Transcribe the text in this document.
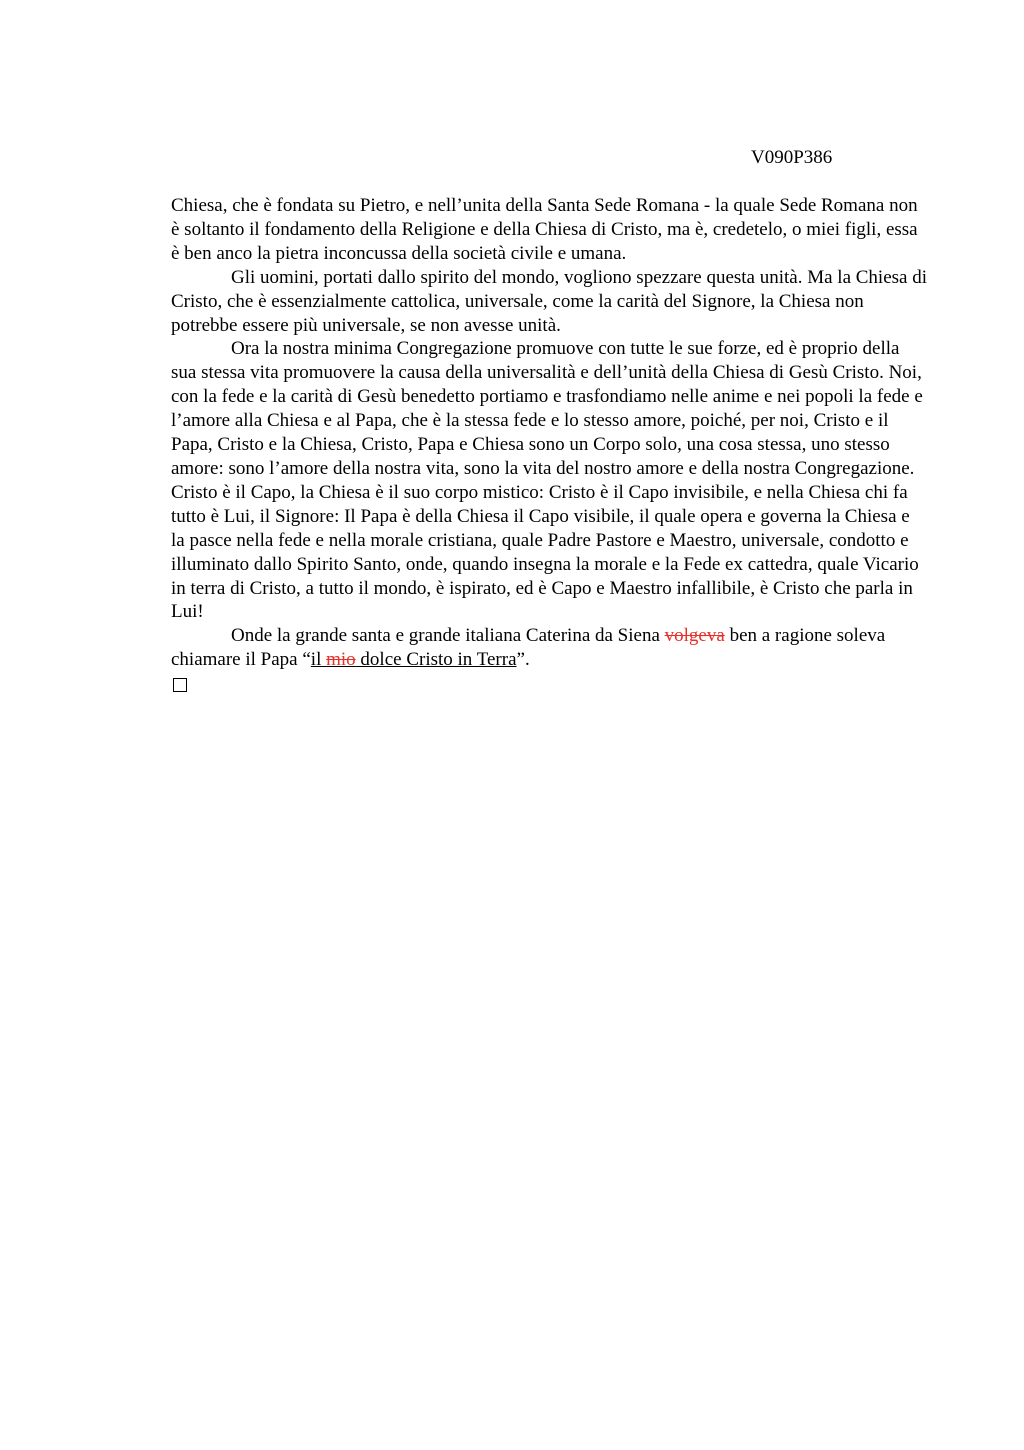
V090P386

Chiesa, che è fondata su Pietro, e nell’unita della Santa Sede Romana - la quale Sede Romana non è soltanto il fondamento della Religione e della Chiesa di Cristo, ma è, credetelo, o miei figli, essa è ben anco la pietra inconcussa della società civile e umana.

Gli uomini, portati dallo spirito del mondo, vogliono spezzare questa unità. Ma la Chiesa di Cristo, che è essenzialmente cattolica, universale, come la carità del Signore, la Chiesa non potrebbe essere più universale, se non avesse unità.

Ora la nostra minima Congregazione promuove con tutte le sue forze, ed è proprio della sua stessa vita promuovere la causa della universalità e dell’unità della Chiesa di Gesù Cristo. Noi, con la fede e la carità di Gesù benedetto portiamo e trasfondiamo nelle anime e nei popoli la fede e l’amore alla Chiesa e al Papa, che è la stessa fede e lo stesso amore, poiché, per noi, Cristo e il Papa, Cristo e la Chiesa, Cristo, Papa e Chiesa sono un Corpo solo, una cosa stessa, uno stesso amore: sono l’amore della nostra vita, sono la vita del nostro amore e della nostra Congregazione. Cristo è il Capo, la Chiesa è il suo corpo mistico: Cristo è il Capo invisibile, e nella Chiesa chi fa tutto è Lui, il Signore: Il Papa è della Chiesa il Capo visibile, il quale opera e governa la Chiesa e la pasce nella fede e nella morale cristiana, quale Padre Pastore e Maestro, universale, condotto e illuminato dallo Spirito Santo, onde, quando insegna la morale e la Fede ex cattedra, quale Vicario in terra di Cristo, a tutto il mondo, è ispirato, ed è Capo e Maestro infallibile, è Cristo che parla in Lui!

Onde la grande santa e grande italiana Caterina da Siena volgeva ben a ragione soleva chiamare il Papa “il mio dolce Cristo in Terra”.
